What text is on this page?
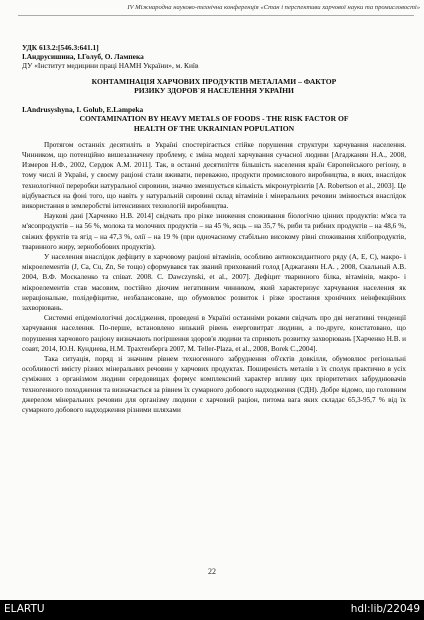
IV Міжнародна науково-технічна конференція «Стан і перспективи харчової науки та промисловості»
УДК 613.2:[546.3:641.1]
І.Андрусишина, І.Голуб, О. Лампека
ДУ «Інститут медицини праці НАМН України», м. Київ
КОНТАМІНАЦІЯ ХАРЧОВИХ ПРОДУКТІВ МЕТАЛАМИ – ФАКТОР
РИЗИКУ ЗДОРОВ`Я НАСЕЛЕННЯ УКРАЇНИ
I.Andrusyshyna, I. Golub, E.Lampeka
CONTAMINATION BY HEAVY METALS OF FOODS - THE RISK FACTOR OF
HEALTH OF THE UKRAINIAN POPULATION

Протягом останніх десятиліть в Україні спостерігається стійке порушення структури харчування населення. Чинником, що потенційно вишезазначену проблему, є зміна моделі харчування сучасної людини [Агаджанян Н.А., 2008, Измеров Н.Ф., 2002, Сердюк А.М. 2011]. Так, в останні десятиліття більшість населення країн Європейського регіону, в тому числі й Україні, у своєму раціоні стали вживати, переважно, продукти промислового виробництва, в яких, внаслідок технологічної переробки натуральної сировини, значно зменшується кількість мікронутрієнтів [A. Robertson et al., 2003]. Це відбувається на фоні того, що навіть у натуральній сировині склад вітамінів і мінеральних речовин змінюється внаслідок використання в землеробстві інтенсивних технологій виробництва.

Наукові дані [Харченко Н.В. 2014] свідчать про різке зниження споживання біологічно цінних продуктів: м'яса та м'ясопродуктів – на 56 %, молока та молочних продуктів – на 45 %, яєць – на 35,7 %, риби та рибних продуктів – на 48,6 %, свіжих фруктів та ягід – на 47,3 %, олії – на 19 % (при одночасному стабільно високому рівні споживання хлібопродуктів, тваринного жиру, зернобобових продуктів).

У населення внаслідок дефіциту в харчовому раціоні вітамінів, особливо антиоксидантного ряду (A, E, C), макро- і мікроелементів (J, Ca, Cu, Zn, Se тощо) сформувався так званий прихований голод [Аджаганян Н.А. , 2008, Скальный А.В. 2004, В.Ф. Москаленко та співат. 2008. C. Dawczynski, et al., 2007]. Дефіцит тваринного білка, вітамінів, макро- і мікроелементів став масовим, постійно діючим негативним чинником, який характеризує харчування населення як нераціональне, полідефіцитне, незбалансоване, що обумовлює розвиток і різке зростання хронічних неінфекційних захворювань.

Системні епідеміологічні дослідження, проведені в Україні останніми роками свідчать про дві негативні тенденції харчування населення. По-перше, встановлено низький рівень енерговитрат людини, а по-друге, констатовано, що порушення харчового раціону визначають погіршення здоров'я людини та сприяють розвитку захворювань [Харченко Н.В. и соавт, 2014, Ю.Н. Кундиева, Н.М. Трахтенберга 2007, M. Teller-Plaza, et al., 2008, Borek C.,2004].

Така ситуація, поряд зі значним рівнем техногенного забруднення об'єктів довкілля, обумовлює регіональні особливості вмісту різних мінеральних речовин у харчових продуктах. Поширеність металів з їх сполук практично в усіх суміжних з організмом людини середовищах формує комплексний характер впливу цих пріоритетних забруднювачів техногенного походження та визначається за рівнем їх сумарного добового надходження (СДН). Добре відомо, що головним джерелом мінеральних речовин для організму людини є харчовий раціон, питома вага яких складає 65,3-95,7 % від їх сумарного добового надходження різними шляхами

22
ELARTU	hdl:lib/22049
